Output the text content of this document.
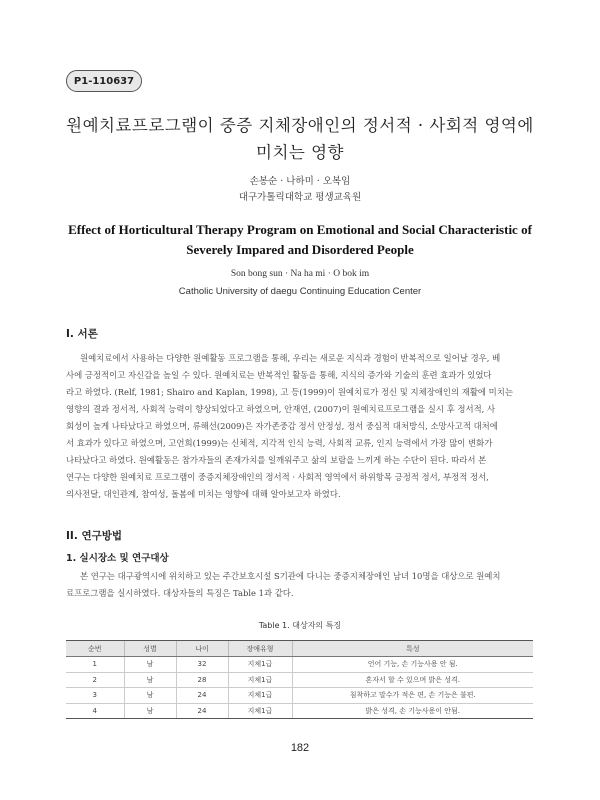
P1-110637
원예치료프로그램이 중증 지체장애인의 정서적 · 사회적 영역에
미치는 영향
손봉순 · 나하미 · 오복임
대구가톨릭대학교 평생교육원
Effect of Horticultural Therapy Program on Emotional and Social Characteristic of
Severely Impared and Disordered People
Son bong sun · Na ha mi · O bok im
Catholic University of daegu Continuing Education Center
I. 서론

원예치료에서 사용하는 다양한 원예활동 프로그램을 통해, 우리는 새로운 지식과 경험이 반복적으로 일어날 경우, 베
사에 긍정적이고 자신감을 높일 수 있다. 원예치료는 반복적인 활동을 통해, 지식의 증가와 기술의 훈련 효과가 있었다
라고 하였다. (Relf, 1981; Shairo and Kaplan, 1998), 고 등(1999)이 원예치료가 정신 및 지체장애인의 재활에 미치는
영향의 결과 정서적, 사회적 능력이 향상되었다고 하였으며, 안재연, (2007)이 원예치료프로그램을 실시 후 정서적, 사
회성이 높게 나타났다고 하였으며, 류해선(2009)은 자가존중감 정서 안정성, 정서 중심적 대처방식, 소망사고적 대처에
서 효과가 있다고 하였으며, 고언희(1999)는 신체적, 지각적 인식 능력, 사회적 교류, 인지 능력에서 가장 많이 변화가
나타났다고 하였다. 원예활동은 참가자들의 존재가치를 일깨워주고 삶의 보람을 느끼게 하는 수단이 된다. 따라서 본
연구는 다양한 원예치료 프로그램이 중증지체장애인의 정서적 · 사회적 영역에서 하위항목 긍정적 정서, 부정적 정서,
의사전달, 대인관계, 참여성, 돌봄에 미치는 영향에 대해 알아보고자 하였다.

II. 연구방법
1. 실시장소 및 연구대상

본 연구는 대구광역시에 위치하고 있는 주간보호시설 S기관에 다니는 중증지체장애인 남녀 10명을 대상으로 원예치
료프로그램을 실시하였다. 대상자들의 특징은 Table 1과 같다.

Table 1. 대상자의 특징
순번	성별	나이	장애유형	특성
1	남	32	지체1급	언어 기능, 손 기능사용 안 됨.
2	남	28	지체1급	혼자서 할 수 있으며 밝은 성격.
3	남	24	지체1급	침착하고 말수가 적은 편, 손 기능은 불편.
4	남	24	지체1급	밝은 성격, 손 기능사용이 안됨.
182
